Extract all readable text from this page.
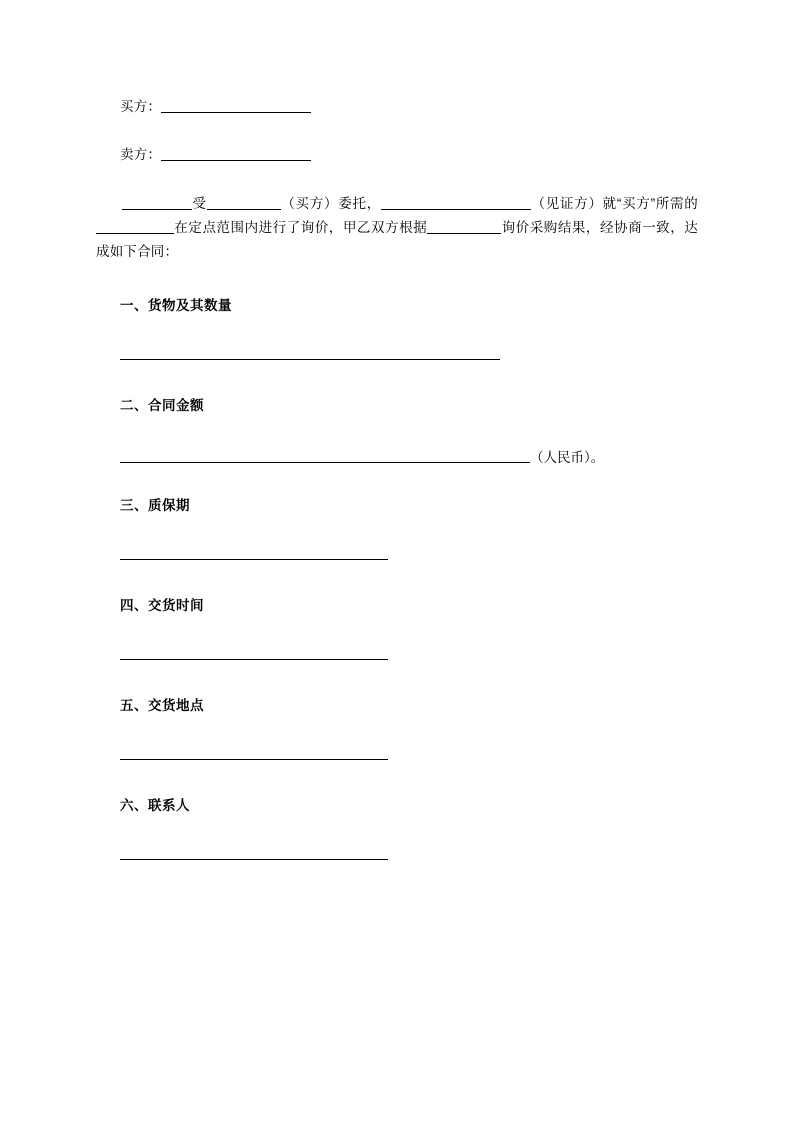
买方：
卖方：
受	（买方）委托，	（见证方）就“买方”所需的在定点范围内进行了询价，甲乙双方根据	询价采购结果，经协商一致，达成如下合同：
一、货物及其数量
二、合同金额
（人民币）。
三、质保期
四、交货时间
五、交货地点
六、联系人
